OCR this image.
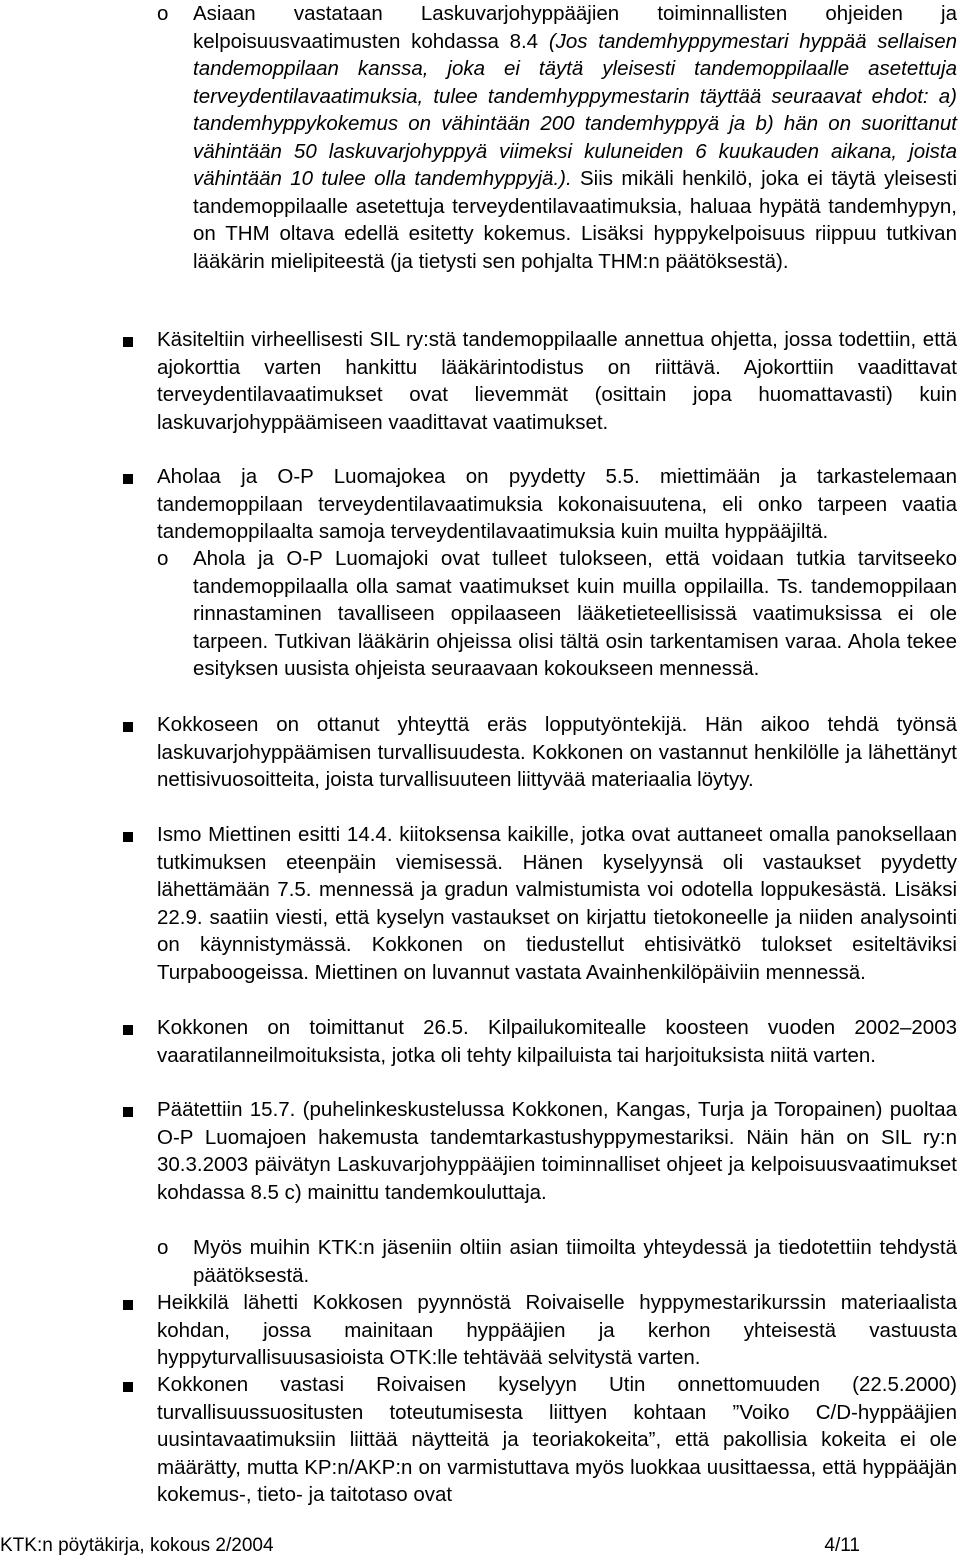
o Asiaan vastataan Laskuvarjohyppääjien toiminnallisten ohjeiden ja kelpoisuusvaatimusten kohdassa 8.4 (Jos tandemhyppymestari hyppää sellaisen tandemoppilaan kanssa, joka ei täytä yleisesti tandemoppilaalle asetettuja terveydentilavaatimuksia, tulee tandemhyppymestarin täyttää seuraavat ehdot: a) tandemhyppykokemus on vähintään 200 tandemhyppyä ja b) hän on suorittanut vähintään 50 laskuvarjohyppyä viimeksi kuluneiden 6 kuukauden aikana, joista vähintään 10 tulee olla tandemhyppyjä.). Siis mikäli henkilö, joka ei täytä yleisesti tandemoppilaalle asetettuja terveydentilavaatimuksia, haluaa hypätä tandemhypyn, on THM oltava edellä esitetty kokemus. Lisäksi hyppykelpoisuus riippuu tutkivan lääkärin mielipiteestä (ja tietysti sen pohjalta THM:n päätöksestä).
Käsiteltiin virheellisesti SIL ry:stä tandemoppilaalle annettua ohjetta, jossa todettiin, että ajokorttia varten hankittu lääkärintodistus on riittävä. Ajokorttiin vaadittavat terveydentilavaatimukset ovat lievemmät (osittain jopa huomattavasti) kuin laskuvarjohyppäämiseen vaadittavat vaatimukset.
Aholaa ja O-P Luomajokea on pyydetty 5.5. miettimään ja tarkastelemaan tandemoppilaan terveydentilavaatimuksia kokonaisuutena, eli onko tarpeen vaatia tandemoppilaalta samoja terveydentilavaatimuksia kuin muilta hyppääjiltä.
o Ahola ja O-P Luomajoki ovat tulleet tulokseen, että voidaan tutkia tarvitseeko tandemoppilaalla olla samat vaatimukset kuin muilla oppilailla. Ts. tandemoppilaan rinnastaminen tavalliseen oppilaaseen lääketieteellisissä vaatimuksissa ei ole tarpeen. Tutkivan lääkärin ohjeissa olisi tältä osin tarkentamisen varaa. Ahola tekee esityksen uusista ohjeista seuraavaan kokoukseen mennessä.
Kokkoseen on ottanut yhteyttä eräs lopputyöntekijä. Hän aikoo tehdä työnsä laskuvarjohyppäämisen turvallisuudesta. Kokkonen on vastannut henkilölle ja lähettänyt nettisivuosoitteita, joista turvallisuuteen liittyvää materiaalia löytyy.
Ismo Miettinen esitti 14.4. kiitoksensa kaikille, jotka ovat auttaneet omalla panoksellaan tutkimuksen eteenpäin viemisessä. Hänen kyselyynsä oli vastaukset pyydetty lähettämään 7.5. mennessä ja gradun valmistumista voi odotella loppukesästä. Lisäksi 22.9. saatiin viesti, että kyselyn vastaukset on kirjattu tietokoneelle ja niiden analysointi on käynnistymässä. Kokkonen on tiedustellut ehtisivätkö tulokset esiteltäviksi Turpaboogeissa. Miettinen on luvannut vastata Avainhenkilöpäiviin mennessä.
Kokkonen on toimittanut 26.5. Kilpailukomitealle koosteen vuoden 2002–2003 vaaratilanneilmoituksista, jotka oli tehty kilpailuista tai harjoituksista niitä varten.
Päätettiin 15.7. (puhelinkeskustelussa Kokkonen, Kangas, Turja ja Toropainen) puoltaa O-P Luomajoen hakemusta tandemtarkastushyppymestariksi. Näin hän on SIL ry:n 30.3.2003 päivätyn Laskuvarjohyppääjien toiminnalliset ohjeet ja kelpoisuusvaatimukset kohdassa 8.5 c) mainittu tandemkouluttaja.
o Myös muihin KTK:n jäseniin oltiin asian tiimoilta yhteydessä ja tiedotettiin tehdystä päätöksestä.
Heikkilä lähetti Kokkosen pyynnöstä Roivaiselle hyppymestarikurssin materiaalista kohdan, jossa mainitaan hyppääjien ja kerhon yhteisestä vastuusta hyppyturvallisuusasioista OTK:lle tehtävää selvitystä varten.
Kokkonen vastasi Roivaisen kyselyyn Utin onnettomuuden (22.5.2000) turvallisuussuositusten toteutumisesta liittyen kohtaan ”Voiko C/D-hyppääjien uusintavaatimuksiin liittää näytteitä ja teoriakokeita”, että pakollisia kokeita ei ole määrätty, mutta KP:n/AKP:n on varmistuttava myös luokkaa uusittaessa, että hyppääjän kokemus-, tieto- ja taitotaso ovat
KTK:n pöytäkirja, kokous 2/2004	4/11
